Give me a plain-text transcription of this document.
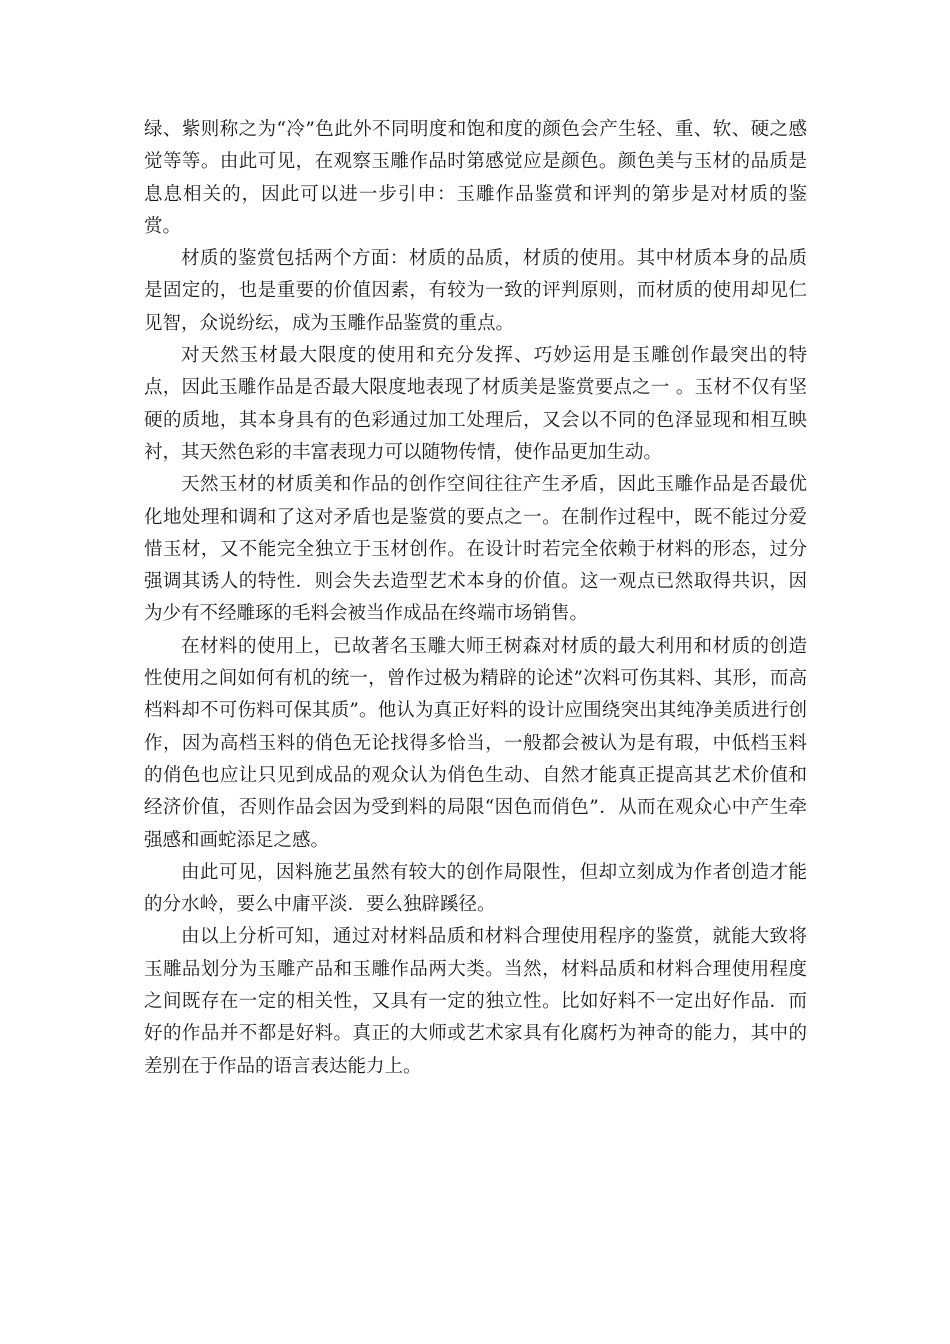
绿、紫则称之为“冷”色此外不同明度和饱和度的颜色会产生轻、重、软、硬之感觉等等。由此可见，在观察玉雕作品时第感觉应是颜色。颜色美与玉材的品质是息息相关的，因此可以进一步引申：玉雕作品鉴赏和评判的第步是对材质的鉴赏。

材质的鉴赏包括两个方面：材质的品质，材质的使用。其中材质本身的品质是固定的，也是重要的价值因素，有较为一致的评判原则，而材质的使用却见仁见智，众说纷纭，成为玉雕作品鉴赏的重点。

对天然玉材最大限度的使用和充分发挥、巧妙运用是玉雕创作最突出的特点，因此玉雕作品是否最大限度地表现了材质美是鉴赏要点之一 。玉材不仅有坚硬的质地，其本身具有的色彩通过加工处理后，又会以不同的色泽显现和相互映衬，其天然色彩的丰富表现力可以随物传情，使作品更加生动。

天然玉材的材质美和作品的创作空间往往产生矛盾，因此玉雕作品是否最优化地处理和调和了这对矛盾也是鉴赏的要点之一。在制作过程中，既不能过分爱惜玉材，又不能完全独立于玉材创作。在设计时若完全依赖于材料的形态，过分强调其诱人的特性．则会失去造型艺术本身的价值。这一观点已然取得共识，因为少有不经雕琢的毛料会被当作成品在终端市场销售。

在材料的使用上，已故著名玉雕大师王树森对材质的最大利用和材质的创造性使用之间如何有机的统一，曾作过极为精辟的论述”次料可伤其料、其形，而高档料却不可伤料可保其质”。他认为真正好料的设计应围绕突出其纯净美质进行创作，因为高档玉料的俏色无论找得多恰当，一般都会被认为是有瑕，中低档玉料的俏色也应让只见到成品的观众认为俏色生动、自然才能真正提高其艺术价值和经济价值，否则作品会因为受到料的局限“因色而俏色”．从而在观众心中产生牵强感和画蛇添足之感。

由此可见，因料施艺虽然有较大的创作局限性，但却立刻成为作者创造才能的分水岭，要么中庸平淡．要么独辟蹊径。

由以上分析可知，通过对材料品质和材料合理使用程序的鉴赏，就能大致将玉雕品划分为玉雕产品和玉雕作品两大类。当然，材料品质和材料合理使用程度之间既存在一定的相关性，又具有一定的独立性。比如好料不一定出好作品．而好的作品并不都是好料。真正的大师或艺术家具有化腐朽为神奇的能力，其中的差别在于作品的语言表达能力上。
